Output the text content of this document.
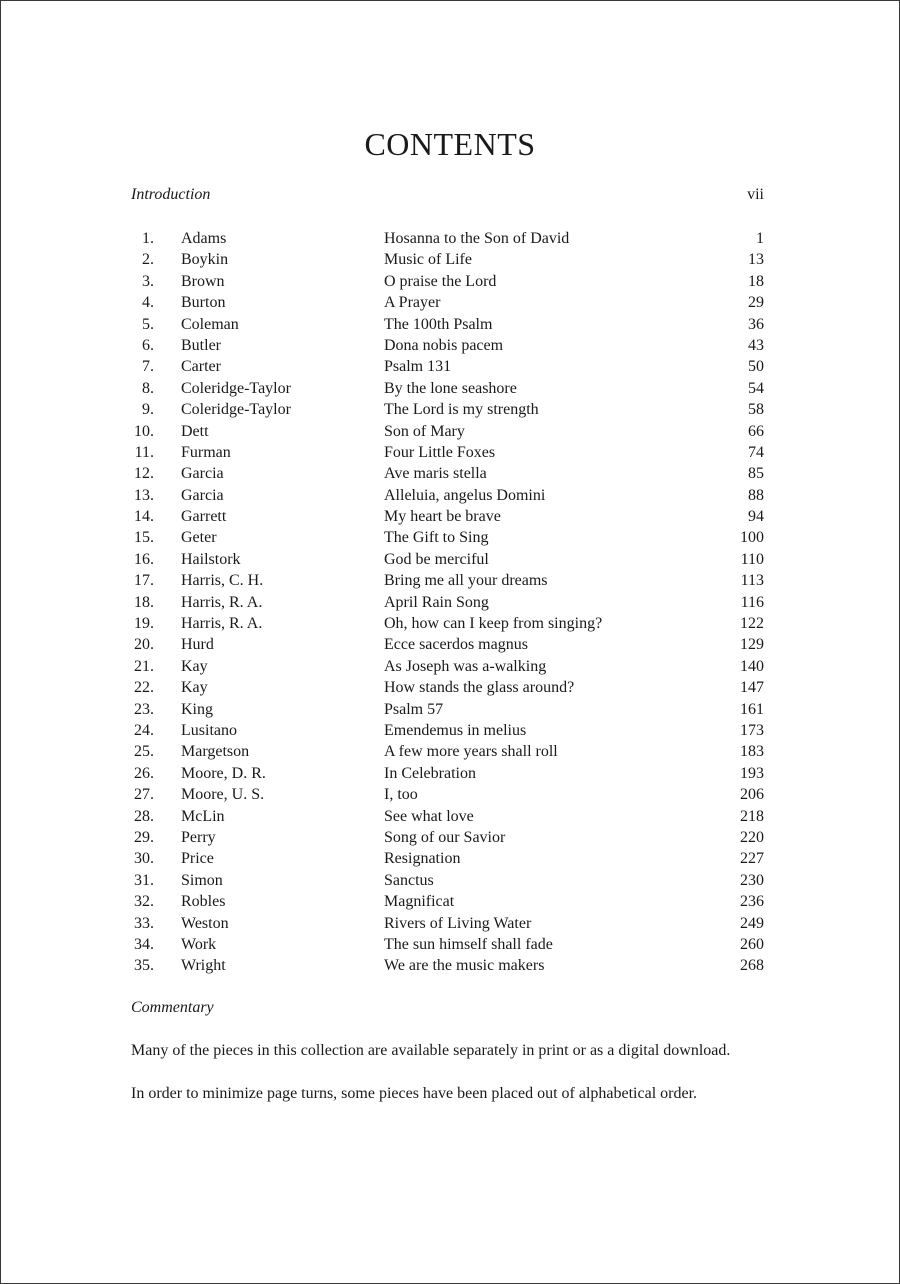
CONTENTS
Introduction	vii
1. Adams	Hosanna to the Son of David	1
2. Boykin	Music of Life	13
3. Brown	O praise the Lord	18
4. Burton	A Prayer	29
5. Coleman	The 100th Psalm	36
6. Butler	Dona nobis pacem	43
7. Carter	Psalm 131	50
8. Coleridge-Taylor	By the lone seashore	54
9. Coleridge-Taylor	The Lord is my strength	58
10. Dett	Son of Mary	66
11. Furman	Four Little Foxes	74
12. Garcia	Ave maris stella	85
13. Garcia	Alleluia, angelus Domini	88
14. Garrett	My heart be brave	94
15. Geter	The Gift to Sing	100
16. Hailstork	God be merciful	110
17. Harris, C. H.	Bring me all your dreams	113
18. Harris, R. A.	April Rain Song	116
19. Harris, R. A.	Oh, how can I keep from singing?	122
20. Hurd	Ecce sacerdos magnus	129
21. Kay	As Joseph was a-walking	140
22. Kay	How stands the glass around?	147
23. King	Psalm 57	161
24. Lusitano	Emendemus in melius	173
25. Margetson	A few more years shall roll	183
26. Moore, D. R.	In Celebration	193
27. Moore, U. S.	I, too	206
28. McLin	See what love	218
29. Perry	Song of our Savior	220
30. Price	Resignation	227
31. Simon	Sanctus	230
32. Robles	Magnificat	236
33. Weston	Rivers of Living Water	249
34. Work	The sun himself shall fade	260
35. Wright	We are the music makers	268
Commentary
Many of the pieces in this collection are available separately in print or as a digital download.
In order to minimize page turns, some pieces have been placed out of alphabetical order.
